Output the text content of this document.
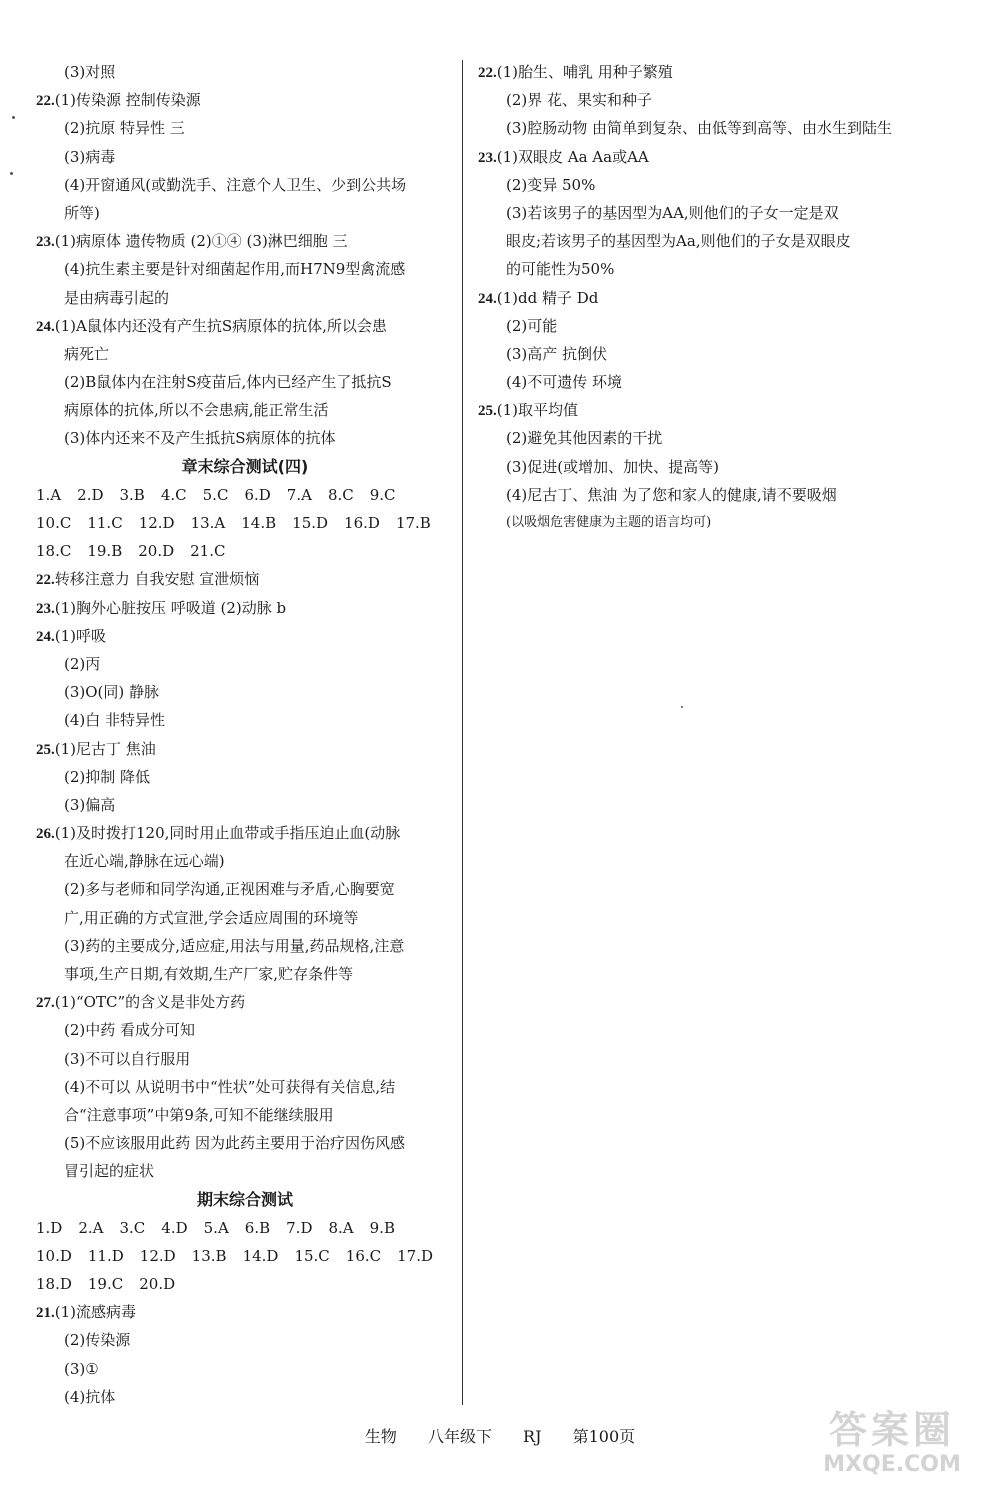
(3)对照
22.(1)传染源 控制传染源
(2)抗原 特异性 三
(3)病毒
(4)开窗通风(或勤洗手、注意个人卫生、少到公共场
所等)
23.(1)病原体 遗传物质 (2)①④ (3)淋巴细胞 三
(4)抗生素主要是针对细菌起作用,而H7N9型禽流感
是由病毒引起的
24.(1)A鼠体内还没有产生抗S病原体的抗体,所以会患
病死亡
(2)B鼠体内在注射S疫苗后,体内已经产生了抵抗S
病原体的抗体,所以不会患病,能正常生活
(3)体内还来不及产生抵抗S病原体的抗体
章末综合测试(四)
1.A 2.D 3.B 4.C 5.C 6.D 7.A 8.C 9.C
10.C 11.C 12.D 13.A 14.B 15.D 16.D 17.B
18.C 19.B 20.D 21.C
22.转移注意力 自我安慰 宣泄烦恼
23.(1)胸外心脏按压 呼吸道 (2)动脉 b
24.(1)呼吸
(2)丙
(3)O(同) 静脉
(4)白 非特异性
25.(1)尼古丁 焦油
(2)抑制 降低
(3)偏高
26.(1)及时拨打120,同时用止血带或手指压迫止血(动脉
在近心端,静脉在远心端)
(2)多与老师和同学沟通,正视困难与矛盾,心胸要宽
广,用正确的方式宣泄,学会适应周围的环境等
(3)药的主要成分,适应症,用法与用量,药品规格,注意
事项,生产日期,有效期,生产厂家,贮存条件等
27.(1)“OTC”的含义是非处方药
(2)中药 看成分可知
(3)不可以自行服用
(4)不可以 从说明书中“性状”处可获得有关信息,结
合“注意事项”中第9条,可知不能继续服用
(5)不应该服用此药 因为此药主要用于治疗因伤风感
冒引起的症状
期末综合测试
1.D 2.A 3.C 4.D 5.A 6.B 7.D 8.A 9.B
10.D 11.D 12.D 13.B 14.D 15.C 16.C 17.D
18.D 19.C 20.D
21.(1)流感病毒
(2)传染源
(3)①
(4)抗体
22.(1)胎生、哺乳 用种子繁殖
(2)界 花、果实和种子
(3)腔肠动物 由简单到复杂、由低等到高等、由水生到陆生
23.(1)双眼皮 Aa Aa或AA
(2)变异 50%
(3)若该男子的基因型为AA,则他们的子女一定是双
眼皮;若该男子的基因型为Aa,则他们的子女是双眼皮
的可能性为50%
24.(1)dd 精子 Dd
(2)可能
(3)高产 抗倒伏
(4)不可遗传 环境
25.(1)取平均值
(2)避免其他因素的干扰
(3)促进(或增加、加快、提高等)
(4)尼古丁、焦油 为了您和家人的健康,请不要吸烟
(以吸烟危害健康为主题的语言均可)
生物 八年级下 RJ 第100页	答案圈
MXQE.COM
